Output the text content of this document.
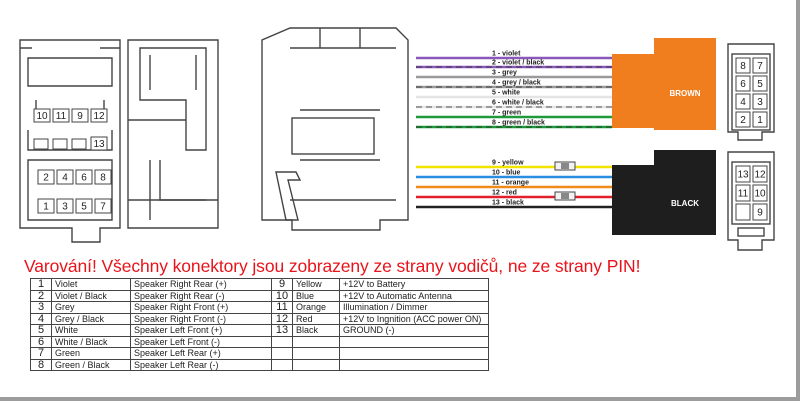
10 11 9 12
13
2 4 6 8
1 3 5 7
1 - violet
2 - violet / black
3 - grey
4 - grey / black
5 - white
6 - white / black
7 - green
8 - green / black
9 - yellow
10 - blue
11 - orange
12 - red
13 - black
BROWN
BLACK
8 7
6 5
4 3
2 1
13 12
11 10
9
Varování! Všechny konektory jsou zobrazeny ze strany vodičů, ne ze strany PIN!
1	Violet	Speaker Right Rear (+)	9	Yellow	+12V to Battery
2	Violet / Black	Speaker Right Rear (-)	10	Blue	+12V to Automatic Antenna
3	Grey	Speaker Right Front (+)	11	Orange	Illumination / Dimmer
4	Grey / Black	Speaker Right Front (-)	12	Red	+12V to Ingnition (ACC power ON)
5	White	Speaker Left Front (+)	13	Black	GROUND (-)
6	White / Black	Speaker Left Front (-)			
7	Green	Speaker Left Rear (+)			
8	Green / Black	Speaker Left Rear (-)			
